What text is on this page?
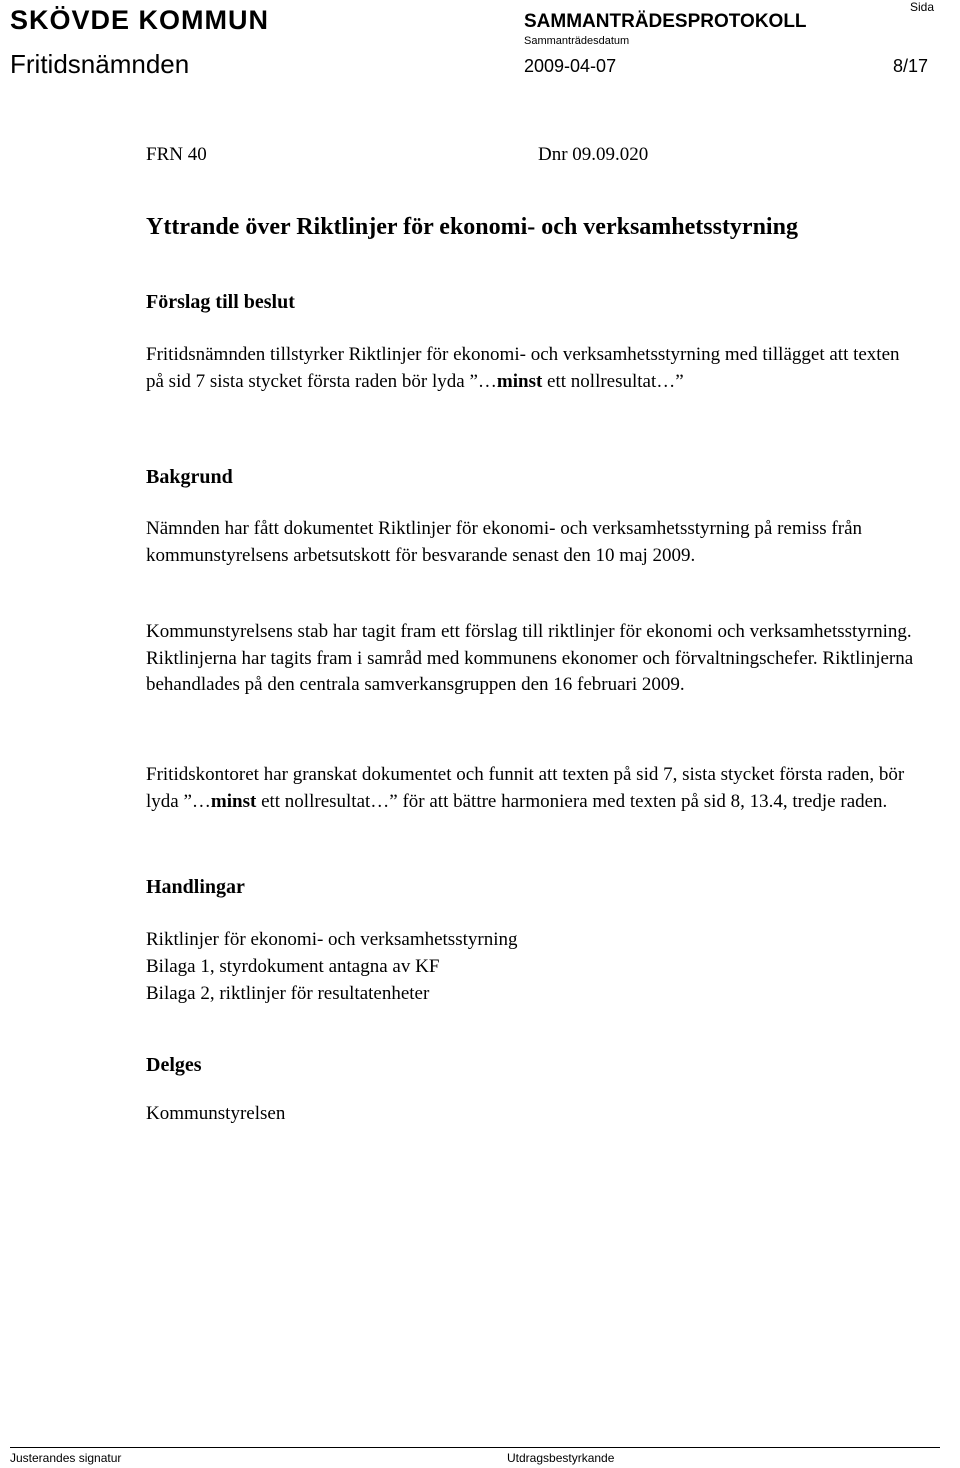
SKÖVDE KOMMUN	SAMMANTRÄDESPROTOKOLL
Sida
Sammanträdesdatum
Fritidsnämnden	2009-04-07	8/17
FRN 40	Dnr 09.09.020
Yttrande över Riktlinjer för ekonomi- och verksamhetsstyrning
Förslag till beslut

Fritidsnämnden tillstyrker Riktlinjer för ekonomi- och verksamhetsstyrning med tillägget att texten på sid 7 sista stycket första raden bör lyda ”…minst ett nollresultat…”

Bakgrund

Nämnden har fått dokumentet Riktlinjer för ekonomi- och verksamhetsstyrning på remiss från kommunstyrelsens arbetsutskott för besvarande senast den 10 maj 2009.

Kommunstyrelsens stab har tagit fram ett förslag till riktlinjer för ekonomi och verksamhetsstyrning. Riktlinjerna har tagits fram i samråd med kommunens ekonomer och förvaltningschefer. Riktlinjerna behandlades på den centrala samverkansgruppen den 16 februari 2009.

Fritidskontoret har granskat dokumentet och funnit att texten på sid 7, sista stycket första raden, bör lyda ”…minst ett nollresultat…” för att bättre harmoniera med texten på sid 8, 13.4, tredje raden.

Handlingar
Riktlinjer för ekonomi- och verksamhetsstyrning
Bilaga 1, styrdokument antagna av KF
Bilaga 2, riktlinjer för resultatenheter
Delges
Kommunstyrelsen
Justerandes signatur	Utdragsbestyrkande
